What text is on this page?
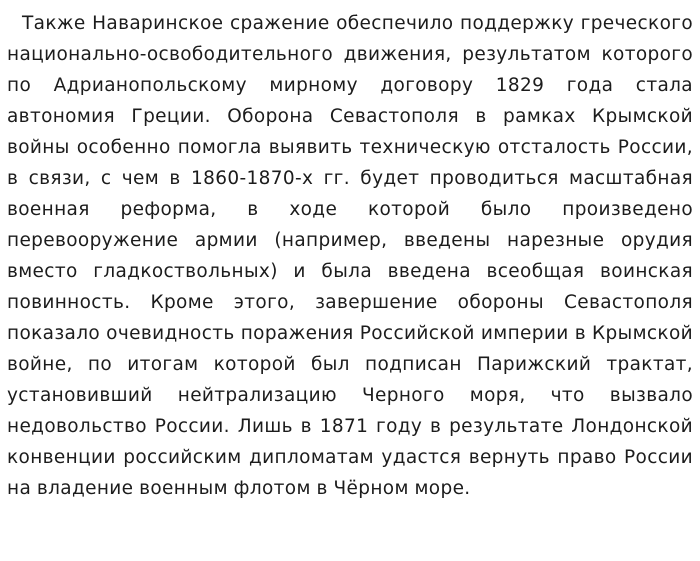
Также Наваринское сражение обеспечило поддержку греческого национально-освободительного движения, результатом которого по Адрианопольскому мирному договору 1829 года стала автономия Греции. Оборона Севастополя в рамках Крымской войны особенно помогла выявить техническую отсталость России, в связи, с чем в 1860-1870-х гг. будет проводиться масштабная военная реформа, в ходе которой было произведено перевооружение армии (например, введены нарезные орудия вместо гладкоствольных) и была введена всеобщая воинская повинность. Кроме этого, завершение обороны Севастополя показало очевидность поражения Российской империи в Крымской войне, по итогам которой был подписан Парижский трактат, установивший нейтрализацию Черного моря, что вызвало недовольство России. Лишь в 1871 году в результате Лондонской конвенции российским дипломатам удастся вернуть право России на владение военным флотом в Чёрном море.
